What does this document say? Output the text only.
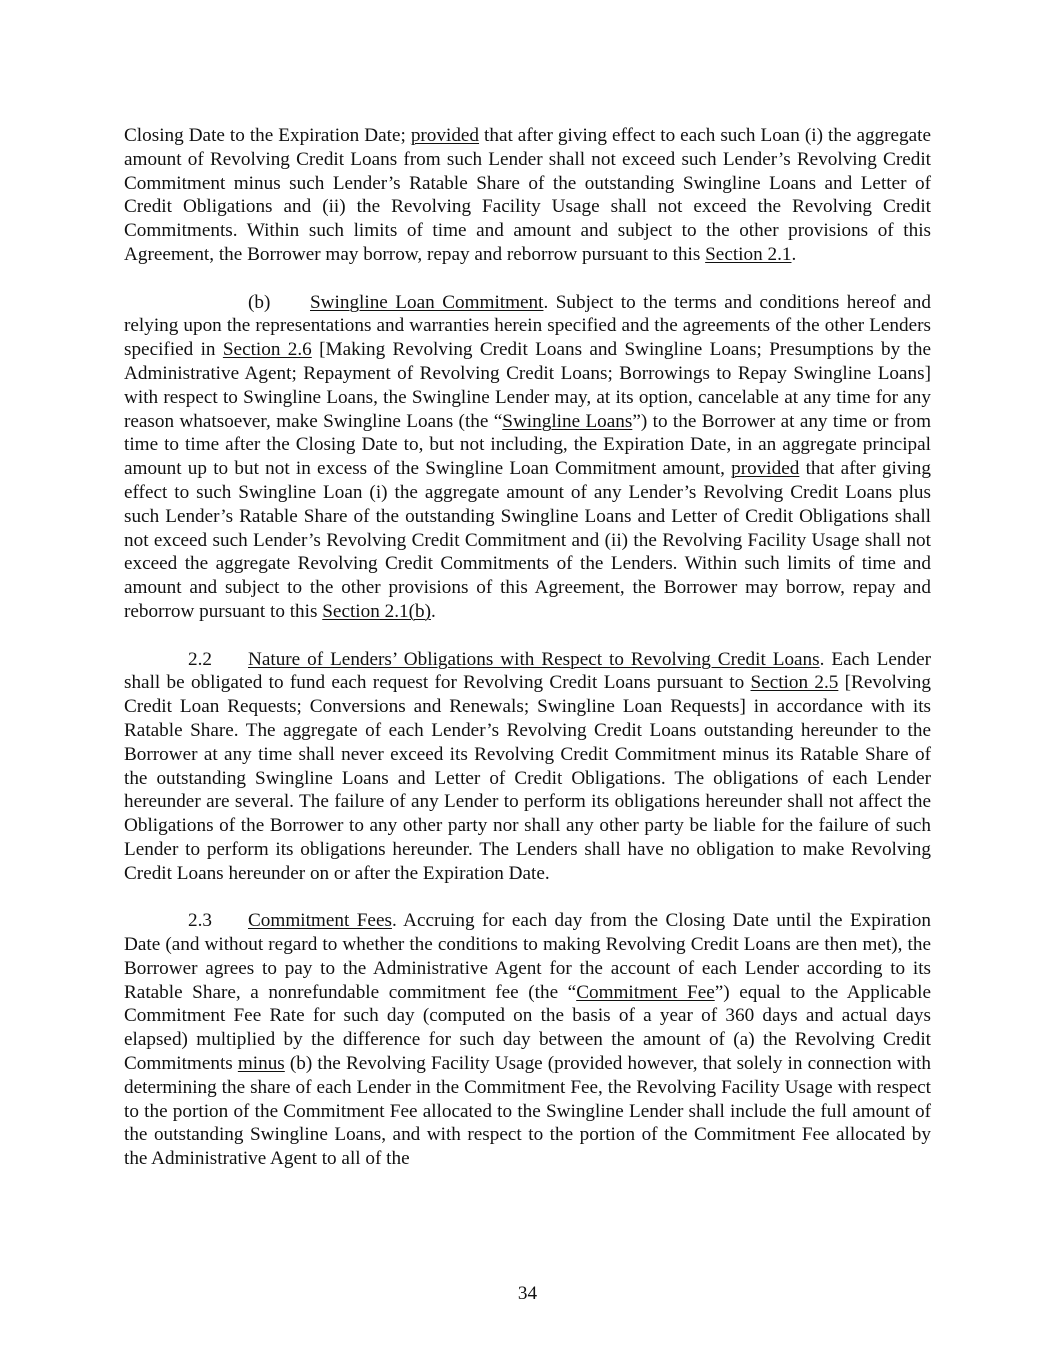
Closing Date to the Expiration Date; provided that after giving effect to each such Loan (i) the aggregate amount of Revolving Credit Loans from such Lender shall not exceed such Lender’s Revolving Credit Commitment minus such Lender’s Ratable Share of the outstanding Swingline Loans and Letter of Credit Obligations and (ii) the Revolving Facility Usage shall not exceed the Revolving Credit Commitments. Within such limits of time and amount and subject to the other provisions of this Agreement, the Borrower may borrow, repay and reborrow pursuant to this Section 2.1.

(b) Swingline Loan Commitment. Subject to the terms and conditions hereof and relying upon the representations and warranties herein specified and the agreements of the other Lenders specified in Section 2.6 [Making Revolving Credit Loans and Swingline Loans; Presumptions by the Administrative Agent; Repayment of Revolving Credit Loans; Borrowings to Repay Swingline Loans] with respect to Swingline Loans, the Swingline Lender may, at its option, cancelable at any time for any reason whatsoever, make Swingline Loans (the “Swingline Loans”) to the Borrower at any time or from time to time after the Closing Date to, but not including, the Expiration Date, in an aggregate principal amount up to but not in excess of the Swingline Loan Commitment amount, provided that after giving effect to such Swingline Loan (i) the aggregate amount of any Lender’s Revolving Credit Loans plus such Lender’s Ratable Share of the outstanding Swingline Loans and Letter of Credit Obligations shall not exceed such Lender’s Revolving Credit Commitment and (ii) the Revolving Facility Usage shall not exceed the aggregate Revolving Credit Commitments of the Lenders. Within such limits of time and amount and subject to the other provisions of this Agreement, the Borrower may borrow, repay and reborrow pursuant to this Section 2.1(b).

2.2 Nature of Lenders’ Obligations with Respect to Revolving Credit Loans. Each Lender shall be obligated to fund each request for Revolving Credit Loans pursuant to Section 2.5 [Revolving Credit Loan Requests; Conversions and Renewals; Swingline Loan Requests] in accordance with its Ratable Share. The aggregate of each Lender’s Revolving Credit Loans outstanding hereunder to the Borrower at any time shall never exceed its Revolving Credit Commitment minus its Ratable Share of the outstanding Swingline Loans and Letter of Credit Obligations. The obligations of each Lender hereunder are several. The failure of any Lender to perform its obligations hereunder shall not affect the Obligations of the Borrower to any other party nor shall any other party be liable for the failure of such Lender to perform its obligations hereunder. The Lenders shall have no obligation to make Revolving Credit Loans hereunder on or after the Expiration Date.

2.3 Commitment Fees. Accruing for each day from the Closing Date until the Expiration Date (and without regard to whether the conditions to making Revolving Credit Loans are then met), the Borrower agrees to pay to the Administrative Agent for the account of each Lender according to its Ratable Share, a nonrefundable commitment fee (the “Commitment Fee”) equal to the Applicable Commitment Fee Rate for such day (computed on the basis of a year of 360 days and actual days elapsed) multiplied by the difference for such day between the amount of (a) the Revolving Credit Commitments minus (b) the Revolving Facility Usage (provided however, that solely in connection with determining the share of each Lender in the Commitment Fee, the Revolving Facility Usage with respect to the portion of the Commitment Fee allocated to the Swingline Lender shall include the full amount of the outstanding Swingline Loans, and with respect to the portion of the Commitment Fee allocated by the Administrative Agent to all of the

34
